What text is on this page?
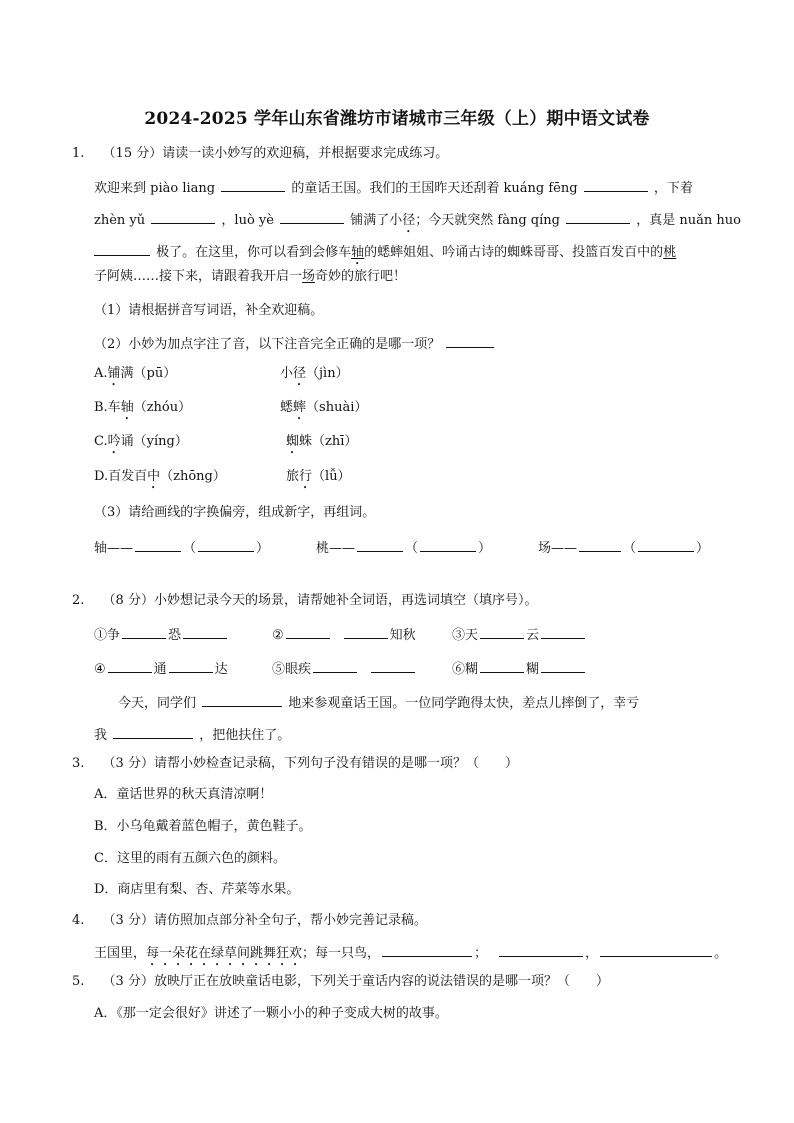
2024-2025 学年山东省潍坊市诸城市三年级（上）期中语文试卷
1. （15 分）请读一读小妙写的欢迎稿，并根据要求完成练习。
欢迎来到 piào liang	的童话王国。我们的王国昨天还刮着 kuáng fēng	，下着
zhèn yǔ	，luò yè	铺满了小径；今天就突然 fàng qíng	，真是 nuǎn huo
极了。在这里，你可以看到会修车轴的蟋蟀姐姐、吟诵古诗的蜘蛛哥哥、投篮百发百中的桃
子阿姨……接下来，请跟着我开启一场奇妙的旅行吧！
（1）请根据拼音写词语，补全欢迎稿。
（2）小妙为加点字注了音，以下注音完全正确的是哪一项？
A.铺满（pū）	小径（jìn）
B.车轴（zhóu）	蟋蟀（shuài）
C.吟诵（yíng）	蜘蛛（zhī）
D.百发百中（zhōng）	旅行（lǚ）
（3）请给画线的字换偏旁，组成新字，再组词。
轴——	（	）	桃——	（	）	场——	（	）
2. （8 分）小妙想记录今天的场景，请帮她补全词语，再选词填空（填序号）。
①争	恐	②	知秋	③天	云
④	通	达	⑤眼疾	⑥糊	糊
今天，同学们	地来参观童话王国。一位同学跑得太快，差点儿摔倒了，幸亏
我	，把他扶住了。
3. （3 分）请帮小妙检查记录稿，下列句子没有错误的是哪一项？（　　）
A．童话世界的秋天真清凉啊！
B．小乌龟戴着蓝色帽子，黄色鞋子。
C．这里的雨有五颜六色的颜料。
D．商店里有梨、杏、芹菜等水果。
4. （3 分）请仿照加点部分补全句子，帮小妙完善记录稿。
王国里，每一朵花在绿草间跳舞狂欢；每一只鸟，	；	，	。
5. （3 分）放映厅正在放映童话电影，下列关于童话内容的说法错误的是哪一项？（　　）
A．《那一定会很好》讲述了一颗小小的种子变成大树的故事。
